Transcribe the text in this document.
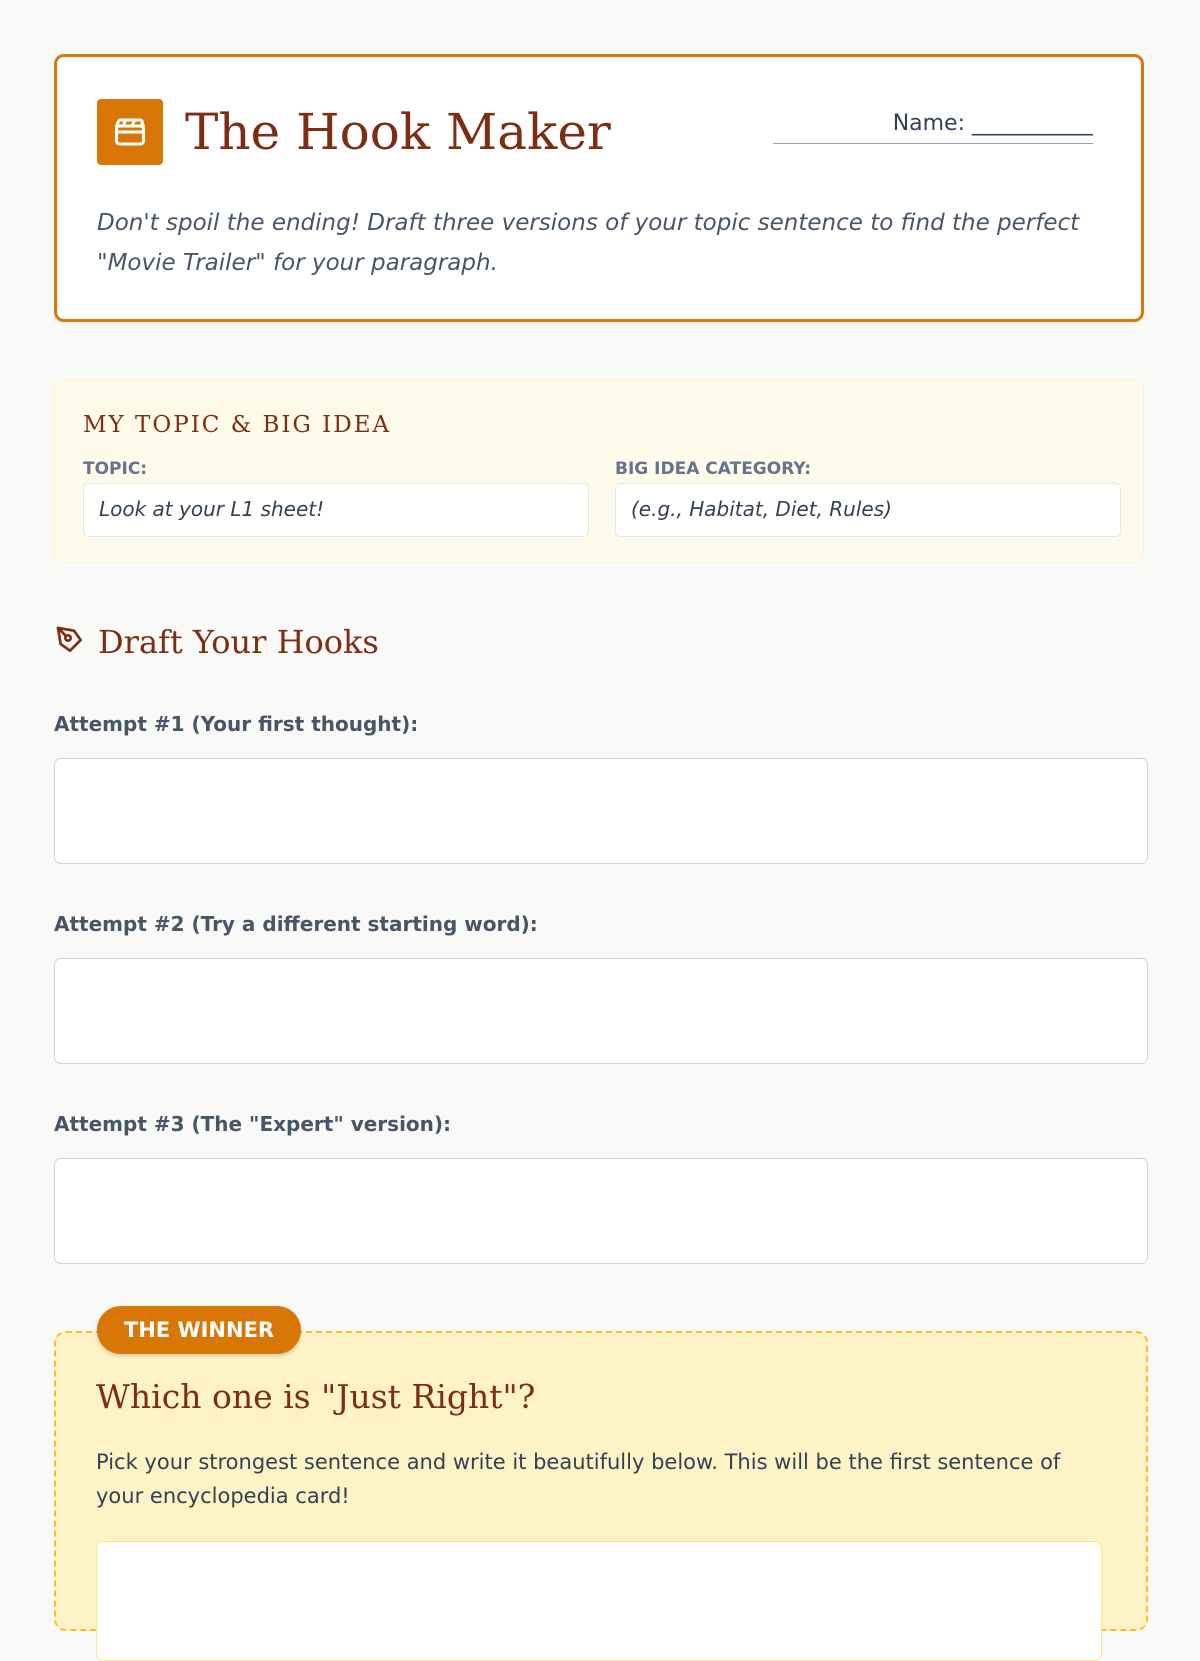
The Hook Maker	Name: ___________

Don't spoil the ending! Draft three versions of your topic sentence to find the perfect "Movie Trailer" for your paragraph.

MY TOPIC & BIG IDEA
TOPIC:
Look at your L1 sheet!
BIG IDEA CATEGORY:
(e.g., Habitat, Diet, Rules)
Draft Your Hooks
Attempt #1 (Your first thought):
Attempt #2 (Try a different starting word):
Attempt #3 (The "Expert" version):
Which one is "Just Right"?

Pick your strongest sentence and write it beautifully below. This will be the first sentence of your encyclopedia card!

THE WINNER
